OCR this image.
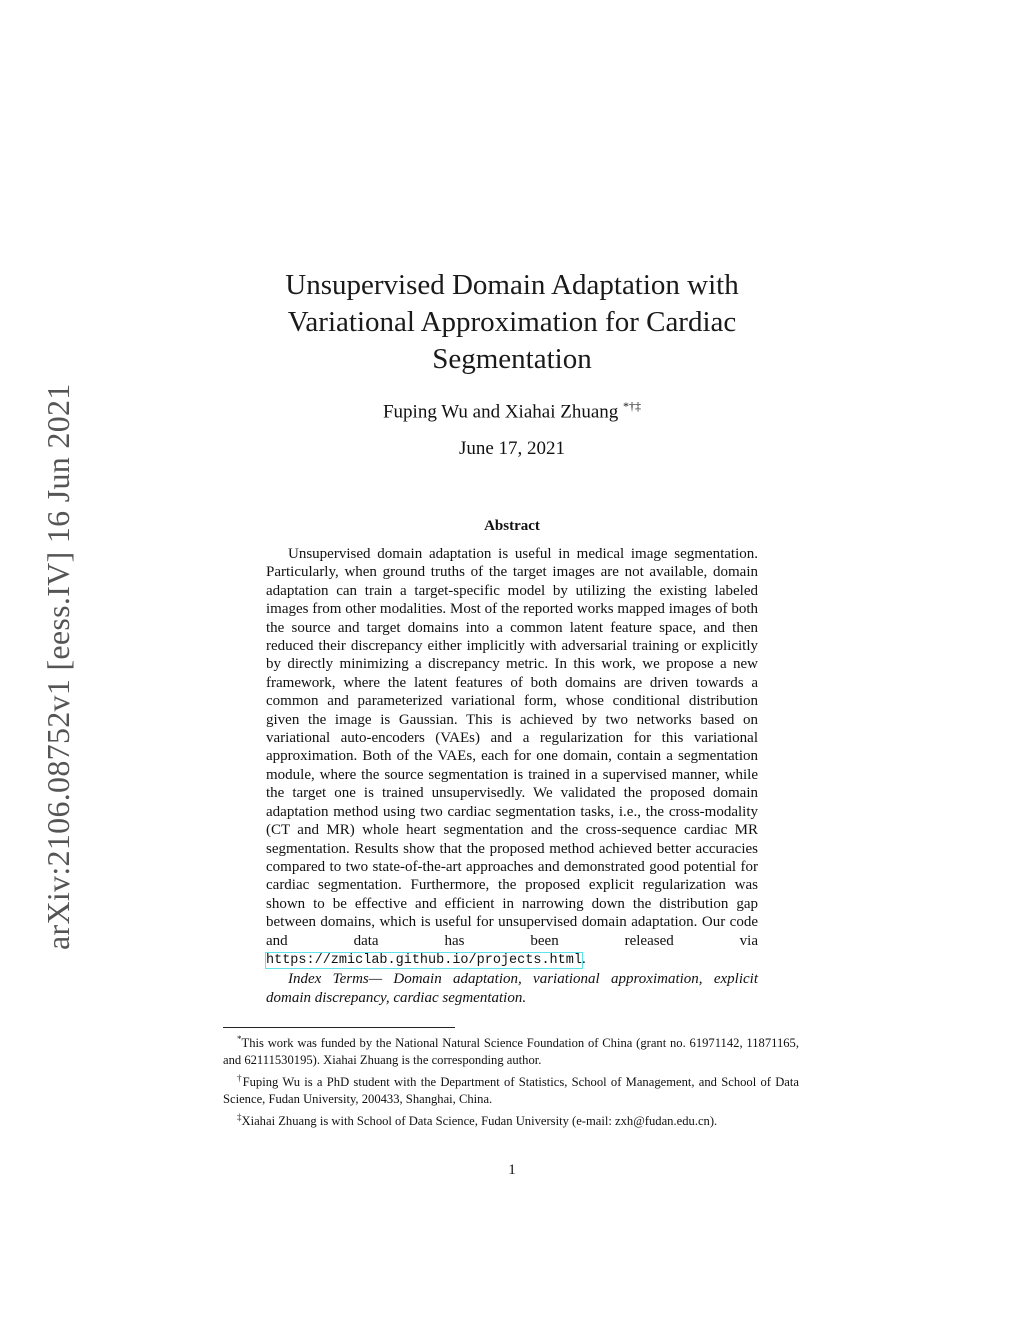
arXiv:2106.08752v1 [eess.IV] 16 Jun 2021
Unsupervised Domain Adaptation with
Variational Approximation for Cardiac
Segmentation
Fuping Wu and Xiahai Zhuang *†‡
June 17, 2021
Abstract

Unsupervised domain adaptation is useful in medical image segmentation. Particularly, when ground truths of the target images are not available, domain adaptation can train a target-specific model by utilizing the existing labeled images from other modalities. Most of the reported works mapped images of both the source and target domains into a common latent feature space, and then reduced their discrepancy either implicitly with adversarial training or explicitly by directly minimizing a discrepancy metric. In this work, we propose a new framework, where the latent features of both domains are driven towards a common and parameterized variational form, whose conditional distribution given the image is Gaussian. This is achieved by two networks based on variational auto-encoders (VAEs) and a regularization for this variational approximation. Both of the VAEs, each for one domain, contain a segmentation module, where the source segmentation is trained in a supervised manner, while the target one is trained unsupervisedly. We validated the proposed domain adaptation method using two cardiac segmentation tasks, i.e., the cross-modality (CT and MR) whole heart segmentation and the cross-sequence cardiac MR segmentation. Results show that the proposed method achieved better accuracies compared to two state-of-the-art approaches and demonstrated good potential for cardiac segmentation. Furthermore, the proposed explicit regularization was shown to be effective and efficient in narrowing down the distribution gap between domains, which is useful for unsupervised domain adaptation. Our code and data has been released via https://zmiclab.github.io/projects.html.

Index Terms— Domain adaptation, variational approximation, explicit domain discrepancy, cardiac segmentation.

*This work was funded by the National Natural Science Foundation of China (grant no. 61971142, 11871165, and 62111530195). Xiahai Zhuang is the corresponding author.

†Fuping Wu is a PhD student with the Department of Statistics, School of Management, and School of Data Science, Fudan University, 200433, Shanghai, China.

‡Xiahai Zhuang is with School of Data Science, Fudan University (e-mail: zxh@fudan.edu.cn).

1
